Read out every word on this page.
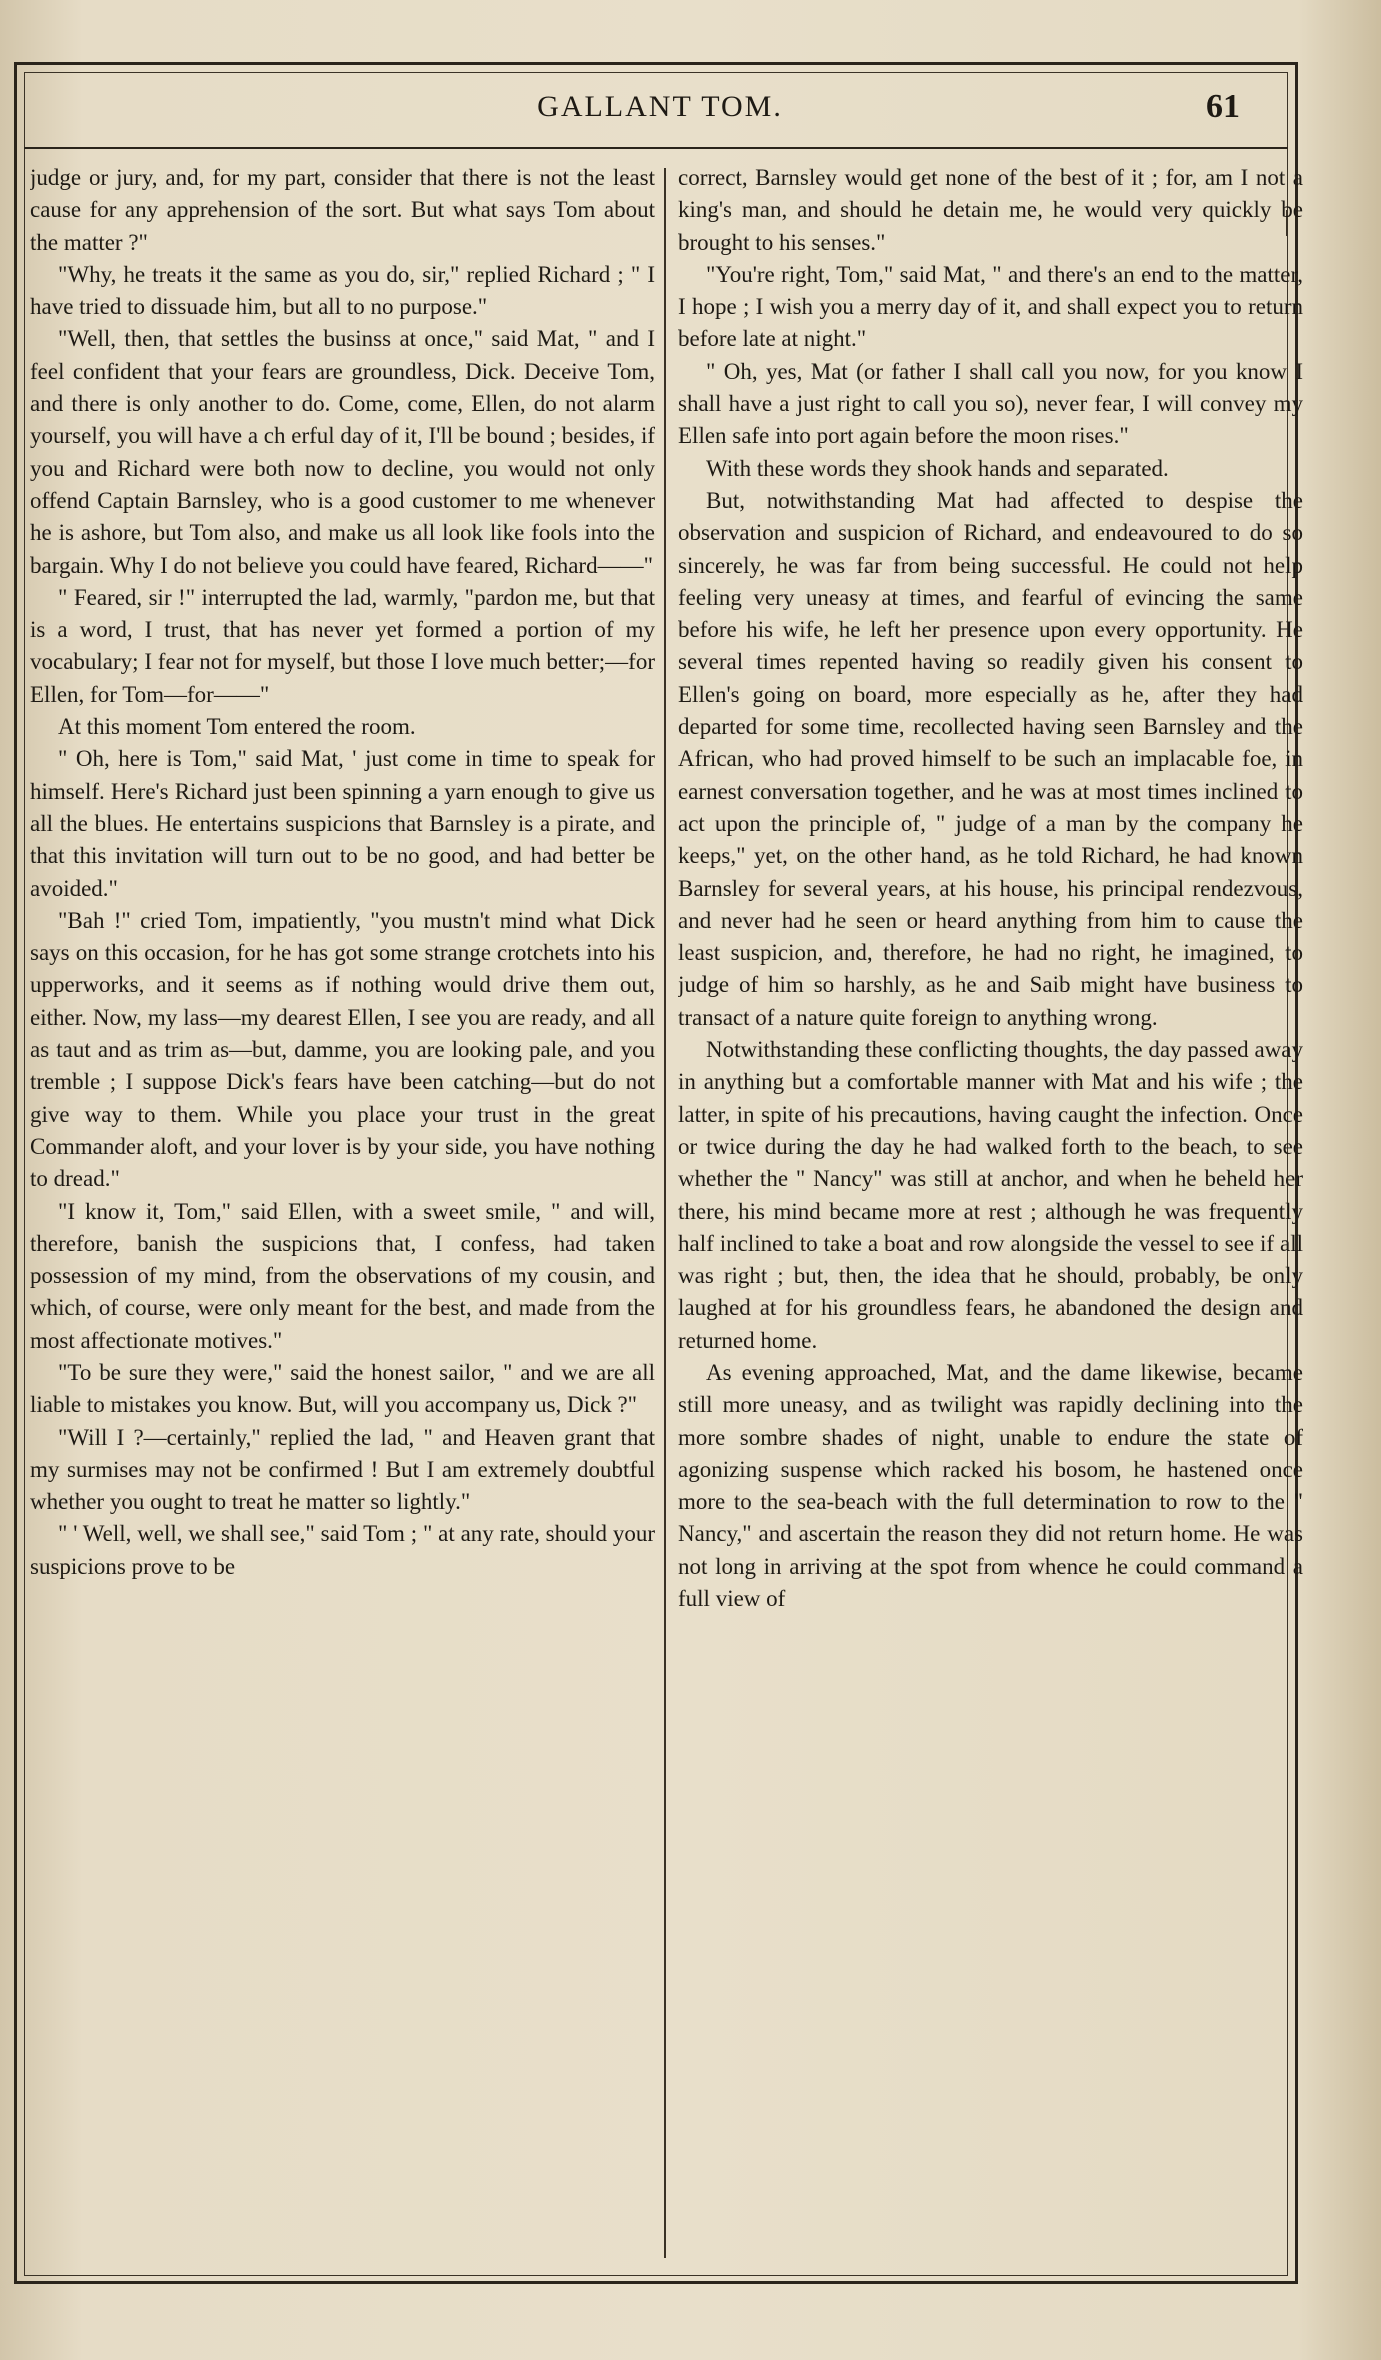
GALLANT TOM.	61

judge or jury, and, for my part, consider that there is not the least cause for any apprehension of the sort. But what says Tom about the matter ?"

"Why, he treats it the same as you do, sir," replied Richard ; " I have tried to dissuade him, but all to no purpose."

"Well, then, that settles the businss at once," said Mat, " and I feel confident that your fears are groundless, Dick. Deceive Tom, and there is only another to do. Come, come, Ellen, do not alarm yourself, you will have a ch erful day of it, I'll be bound ; besides, if you and Richard were both now to decline, you would not only offend Captain Barnsley, who is a good customer to me whenever he is ashore, but Tom also, and make us all look like fools into the bargain. Why I do not believe you could have feared, Richard——"

" Feared, sir !" interrupted the lad, warmly, "pardon me, but that is a word, I trust, that has never yet formed a portion of my vocabulary; I fear not for myself, but those I love much better;—for Ellen, for Tom—for——"

At this moment Tom entered the room.

" Oh, here is Tom," said Mat, ' just come in time to speak for himself. Here's Richard just been spinning a yarn enough to give us all the blues. He entertains suspicions that Barnsley is a pirate, and that this invitation will turn out to be no good, and had better be avoided."

"Bah !" cried Tom, impatiently, "you mustn't mind what Dick says on this occasion, for he has got some strange crotchets into his upperworks, and it seems as if nothing would drive them out, either. Now, my lass—my dearest Ellen, I see you are ready, and all as taut and as trim as—but, damme, you are looking pale, and you tremble ; I suppose Dick's fears have been catching—but do not give way to them. While you place your trust in the great Commander aloft, and your lover is by your side, you have nothing to dread."

"I know it, Tom," said Ellen, with a sweet smile, " and will, therefore, banish the suspicions that, I confess, had taken possession of my mind, from the observations of my cousin, and which, of course, were only meant for the best, and made from the most affectionate motives."

"To be sure they were," said the honest sailor, " and we are all liable to mistakes you know. But, will you accompany us, Dick ?"

"Will I ?—certainly," replied the lad, " and Heaven grant that my surmises may not be confirmed ! But I am extremely doubtful whether you ought to treat he matter so lightly."

" ' Well, well, we shall see," said Tom ; " at any rate, should your suspicions prove to be

correct, Barnsley would get none of the best of it ; for, am I not a king's man, and should he detain me, he would very quickly be brought to his senses."

"You're right, Tom," said Mat, " and there's an end to the matter, I hope ; I wish you a merry day of it, and shall expect you to return before late at night."

" Oh, yes, Mat (or father I shall call you now, for you know I shall have a just right to call you so), never fear, I will convey my Ellen safe into port again before the moon rises."

With these words they shook hands and separated.

But, notwithstanding Mat had affected to despise the observation and suspicion of Richard, and endeavoured to do so sincerely, he was far from being successful. He could not help feeling very uneasy at times, and fearful of evincing the same before his wife, he left her presence upon every opportunity. He several times repented having so readily given his consent to Ellen's going on board, more especially as he, after they had departed for some time, recollected having seen Barnsley and the African, who had proved himself to be such an implacable foe, in earnest conversation together, and he was at most times inclined to act upon the principle of, " judge of a man by the company he keeps," yet, on the other hand, as he told Richard, he had known Barnsley for several years, at his house, his principal rendezvous, and never had he seen or heard anything from him to cause the least suspicion, and, therefore, he had no right, he imagined, to judge of him so harshly, as he and Saib might have business to transact of a nature quite foreign to anything wrong.

Notwithstanding these conflicting thoughts, the day passed away in anything but a comfortable manner with Mat and his wife ; the latter, in spite of his precautions, having caught the infection. Once or twice during the day he had walked forth to the beach, to see whether the " Nancy" was still at anchor, and when he beheld her there, his mind became more at rest ; although he was frequently half inclined to take a boat and row alongside the vessel to see if all was right ; but, then, the idea that he should, probably, be only laughed at for his groundless fears, he abandoned the design and returned home.

As evening approached, Mat, and the dame likewise, became still more uneasy, and as twilight was rapidly declining into the more sombre shades of night, unable to endure the state of agonizing suspense which racked his bosom, he hastened once more to the sea-beach with the full determination to row to the " Nancy," and ascertain the reason they did not return home. He was not long in arriving at the spot from whence he could command a full view of
